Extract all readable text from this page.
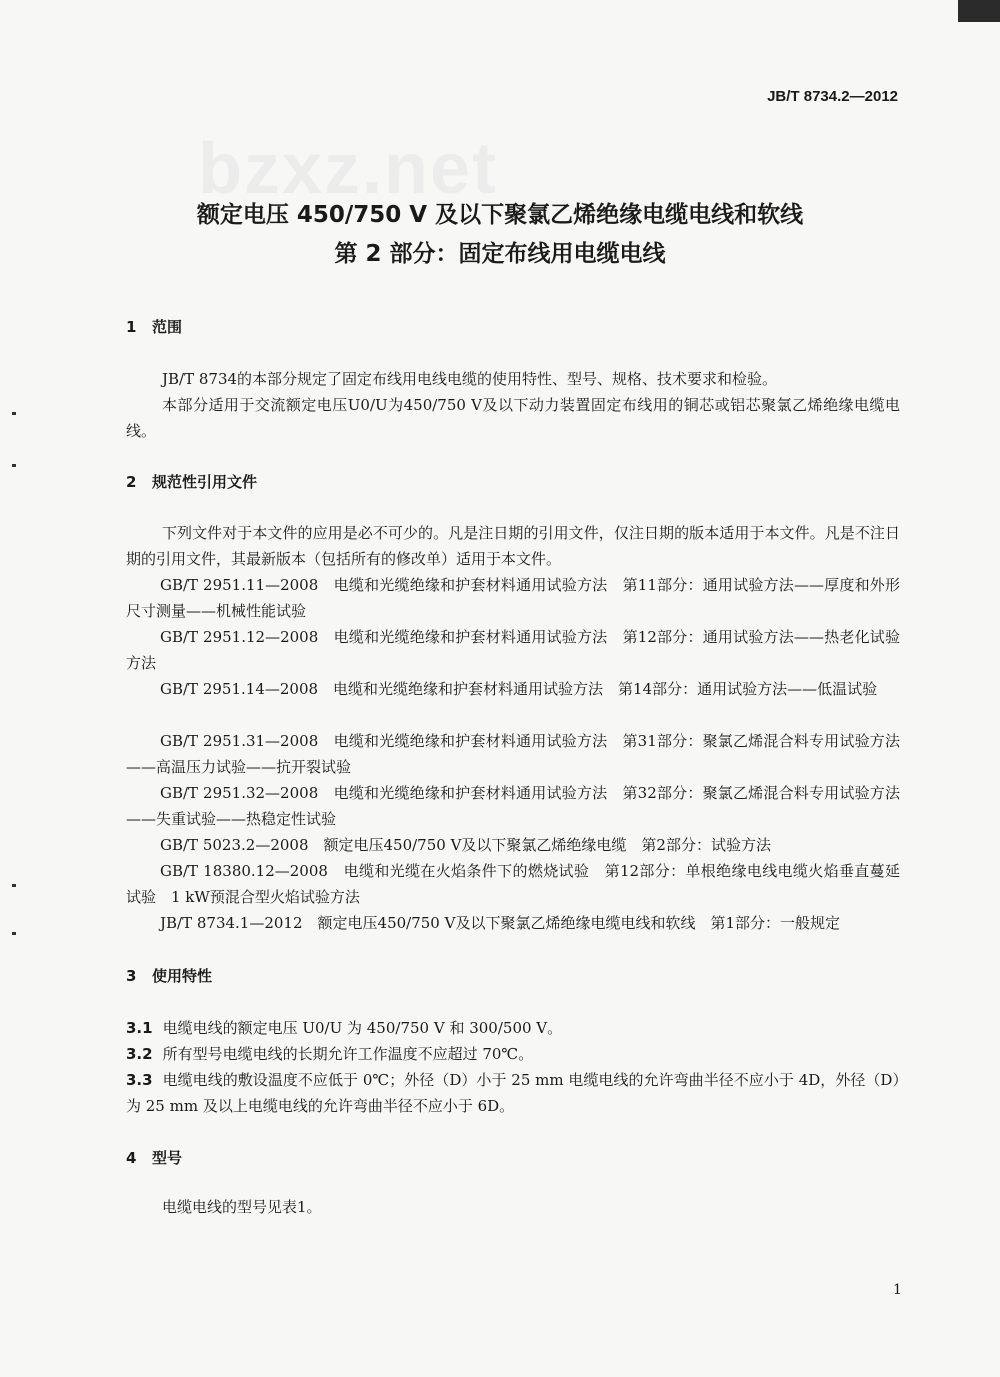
JB/T 8734.2—2012
bzxz.net
额定电压 450/750 V 及以下聚氯乙烯绝缘电缆电线和软线
第 2 部分：固定布线用电缆电线
1 范围
JB/T 8734的本部分规定了固定布线用电线电缆的使用特性、型号、规格、技术要求和检验。
本部分适用于交流额定电压U0/U为450/750 V及以下动力装置固定布线用的铜芯或铝芯聚氯乙烯绝缘电缆电线。
2 规范性引用文件
下列文件对于本文件的应用是必不可少的。凡是注日期的引用文件，仅注日期的版本适用于本文件。凡是不注日期的引用文件，其最新版本（包括所有的修改单）适用于本文件。
GB/T 2951.11—2008　电缆和光缆绝缘和护套材料通用试验方法　第11部分：通用试验方法——厚度和外形尺寸测量——机械性能试验
GB/T 2951.12—2008　电缆和光缆绝缘和护套材料通用试验方法　第12部分：通用试验方法——热老化试验方法
GB/T 2951.14—2008　电缆和光缆绝缘和护套材料通用试验方法　第14部分：通用试验方法——低温试验
GB/T 2951.31—2008　电缆和光缆绝缘和护套材料通用试验方法　第31部分：聚氯乙烯混合料专用试验方法——高温压力试验——抗开裂试验
GB/T 2951.32—2008　电缆和光缆绝缘和护套材料通用试验方法　第32部分：聚氯乙烯混合料专用试验方法——失重试验——热稳定性试验
GB/T 5023.2—2008　额定电压450/750 V及以下聚氯乙烯绝缘电缆　第2部分：试验方法
GB/T 18380.12—2008　电缆和光缆在火焰条件下的燃烧试验　第12部分：单根绝缘电线电缆火焰垂直蔓延试验　1 kW预混合型火焰试验方法
JB/T 8734.1—2012　额定电压450/750 V及以下聚氯乙烯绝缘电缆电线和软线　第1部分：一般规定
3 使用特性
3.1 电缆电线的额定电压 U0/U 为 450/750 V 和 300/500 V。
3.2 所有型号电缆电线的长期允许工作温度不应超过 70℃。
3.3 电缆电线的敷设温度不应低于 0℃；外径（D）小于 25 mm 电缆电线的允许弯曲半径不应小于 4D，外径（D）为 25 mm 及以上电缆电线的允许弯曲半径不应小于 6D。
4 型号
电缆电线的型号见表1。
1
